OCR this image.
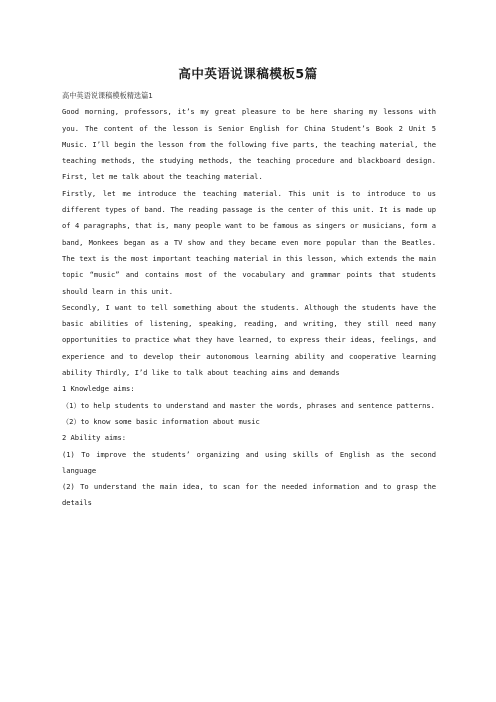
高中英语说课稿模板5篇

高中英语说课稿模板精选篇1

Good morning, professors, it’s my great pleasure to be here sharing my lessons with you. The content of the lesson is Senior English for China Student’s Book 2 Unit 5 Music. I’ll begin the lesson from the following five parts, the teaching material, the teaching methods, the studying methods, the teaching procedure and blackboard design. First, let me talk about the teaching material.

Firstly, let me introduce the teaching material. This unit is to introduce to us different types of band. The reading passage is the center of this unit. It is made up of 4 paragraphs, that is, many people want to be famous as singers or musicians, form a band, Monkees began as a TV show and they became even more popular than the Beatles. The text is the most important teaching material in this lesson, which extends the main topic “music” and contains most of the vocabulary and grammar points that students should learn in this unit.

Secondly, I want to tell something about the students. Although the students have the basic abilities of listening, speaking, reading, and writing, they still need many opportunities to practice what they have learned, to express their ideas, feelings, and experience and to develop their autonomous learning ability and cooperative learning ability Thirdly, I’d like to talk about teaching aims and demands

1 Knowledge aims:

（1）to help students to understand and master the words, phrases and sentence patterns.

（2）to know some basic information about music

2 Ability aims:

(1) To improve the students’ organizing and using skills of English as the second language

(2) To understand the main idea, to scan for the needed information and to grasp the details
